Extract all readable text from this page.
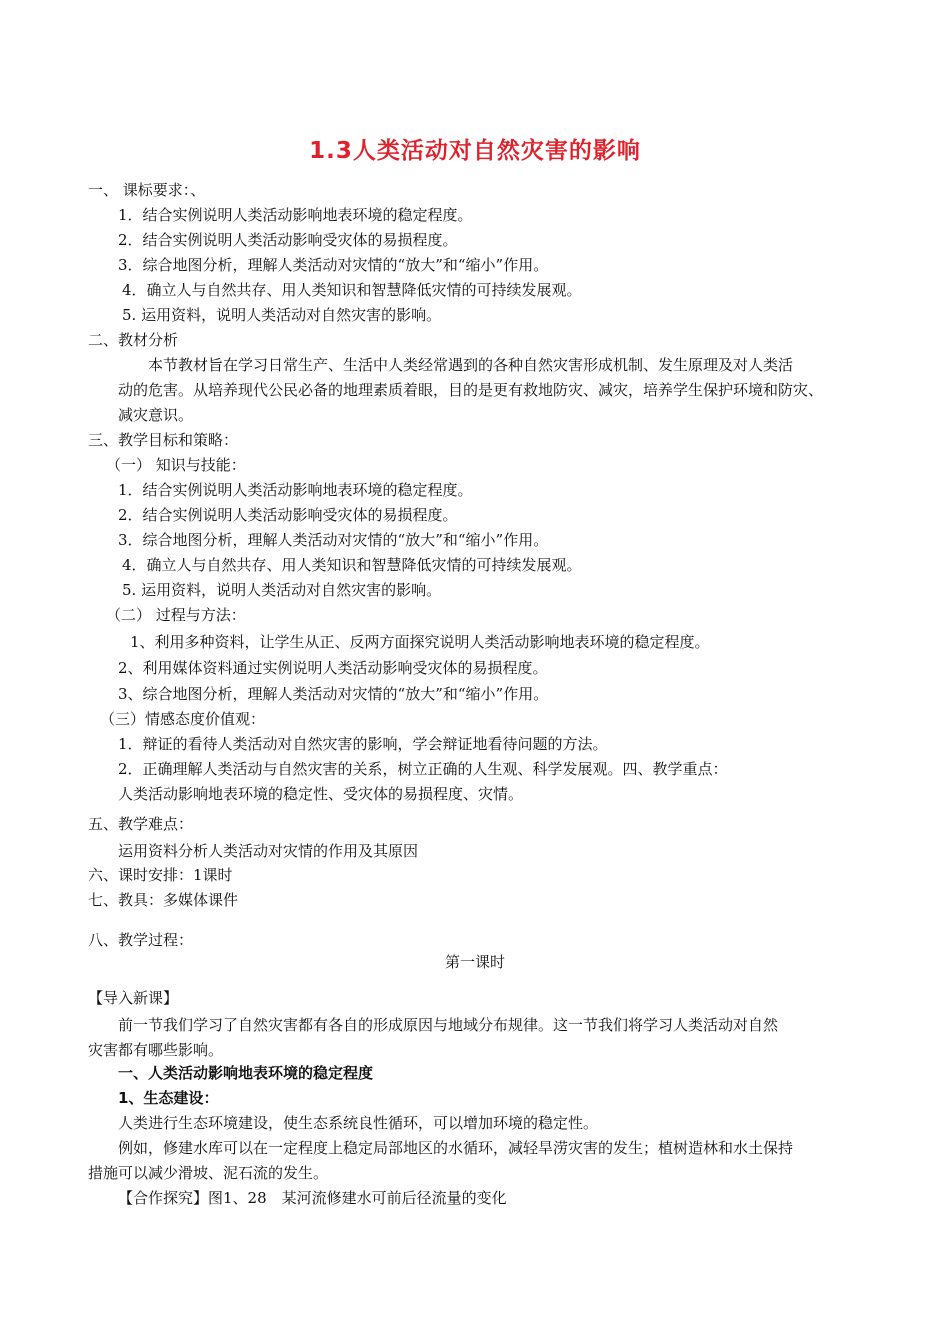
1.3人类活动对自然灾害的影响
一、 课标要求：、
1．结合实例说明人类活动影响地表环境的稳定程度。
2．结合实例说明人类活动影响受灾体的易损程度。
3．综合地图分析，理解人类活动对灾情的“放大”和“缩小”作用。
4．确立人与自然共存、用人类知识和智慧降低灾情的可持续发展观。
5. 运用资料，说明人类活动对自然灾害的影响。
二、教材分析
本节教材旨在学习日常生产、生活中人类经常遇到的各种自然灾害形成机制、发生原理及对人类活
动的危害。从培养现代公民必备的地理素质着眼，目的是更有救地防灾、减灾，培养学生保护环境和防灾、
减灾意识。
三、教学目标和策略：
（一） 知识与技能：
1．结合实例说明人类活动影响地表环境的稳定程度。
2．结合实例说明人类活动影响受灾体的易损程度。
3．综合地图分析，理解人类活动对灾情的“放大”和“缩小”作用。
4．确立人与自然共存、用人类知识和智慧降低灾情的可持续发展观。
5. 运用资料，说明人类活动对自然灾害的影响。
（二） 过程与方法：
1、利用多种资料，让学生从正、反两方面探究说明人类活动影响地表环境的稳定程度。
2、利用媒体资料通过实例说明人类活动影响受灾体的易损程度。
3、综合地图分析，理解人类活动对灾情的“放大”和“缩小”作用。
（三）情感态度价值观：
1．辩证的看待人类活动对自然灾害的影响，学会辩证地看待问题的方法。
2．正确理解人类活动与自然灾害的关系，树立正确的人生观、科学发展观。四、教学重点：
人类活动影响地表环境的稳定性、受灾体的易损程度、灾情。
五、教学难点：
运用资料分析人类活动对灾情的作用及其原因
六、课时安排：1课时
七、教具：多媒体课件
八、教学过程：
第一课时
【导入新课】
前一节我们学习了自然灾害都有各自的形成原因与地域分布规律。这一节我们将学习人类活动对自然
灾害都有哪些影响。
一、人类活动影响地表环境的稳定程度
1、生态建设：
人类进行生态环境建设，使生态系统良性循环，可以增加环境的稳定性。
例如，修建水库可以在一定程度上稳定局部地区的水循环，减轻旱涝灾害的发生；植树造林和水土保持
措施可以减少滑坡、泥石流的发生。
【合作探究】图1、28　某河流修建水可前后径流量的变化
